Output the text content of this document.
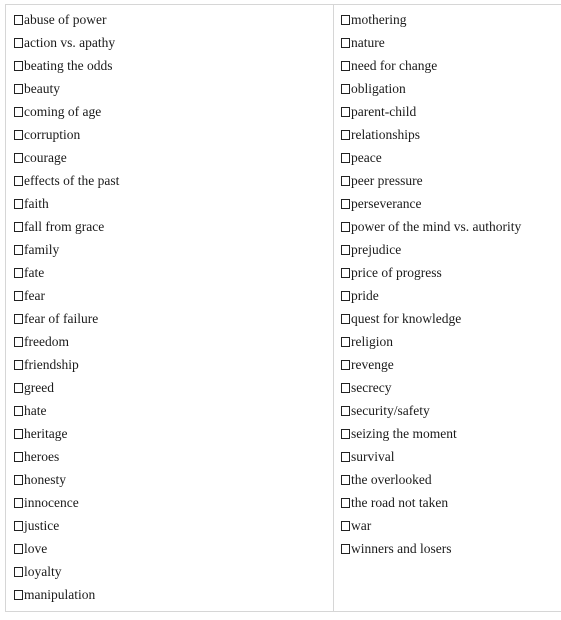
abuse of power
action vs. apathy
beating the odds
beauty
coming of age
corruption
courage
effects of the past
faith
fall from grace
family
fate
fear
fear of failure
freedom
friendship
greed
hate
heritage
heroes
honesty
innocence
justice
love
loyalty
manipulation
mothering
nature
need for change
obligation
parent-child
relationships
peace
peer pressure
perseverance
power of the mind vs. authority
prejudice
price of progress
pride
quest for knowledge
religion
revenge
secrecy
security/safety
seizing the moment
survival
the overlooked
the road not taken
war
winners and losers
